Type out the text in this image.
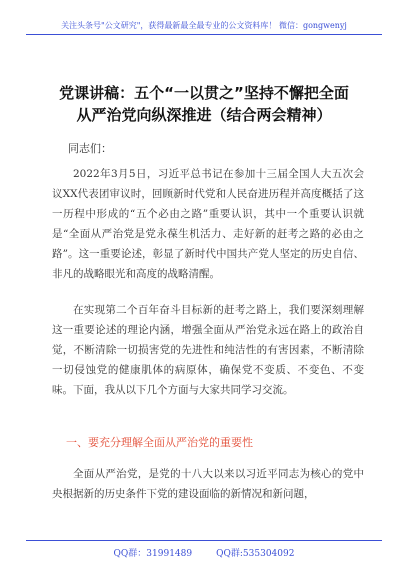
关注头条号"公文研究"，获得最新最全最专业的公文资料库！ 微信：gongwenyj
党课讲稿：五个“一以贯之”坚持不懈把全面
从严治党向纵深推进（结合两会精神）
同志们：
2022年3月5日，习近平总书记在参加十三届全国人大五次会议XX代表团审议时，回顾新时代党和人民奋进历程并高度概括了这一历程中形成的“五个必由之路”重要认识，其中一个重要认识就是“全面从严治党是党永葆生机活力、走好新的赶考之路的必由之路”。这一重要论述，彰显了新时代中国共产党人坚定的历史自信、非凡的战略眼光和高度的战略清醒。
在实现第二个百年奋斗目标新的赶考之路上，我们要深刻理解这一重要论述的理论内涵，增强全面从严治党永远在路上的政治自觉，不断清除一切损害党的先进性和纯洁性的有害因素，不断清除一切侵蚀党的健康肌体的病原体，确保党不变质、不变色、不变味。下面，我从以下几个方面与大家共同学习交流。
一、要充分理解全面从严治党的重要性
全面从严治党，是党的十八大以来以习近平同志为核心的党中央根据新的历史条件下党的建设面临的新情况和新问题，
QQ群：31991489	QQ群:535304092
